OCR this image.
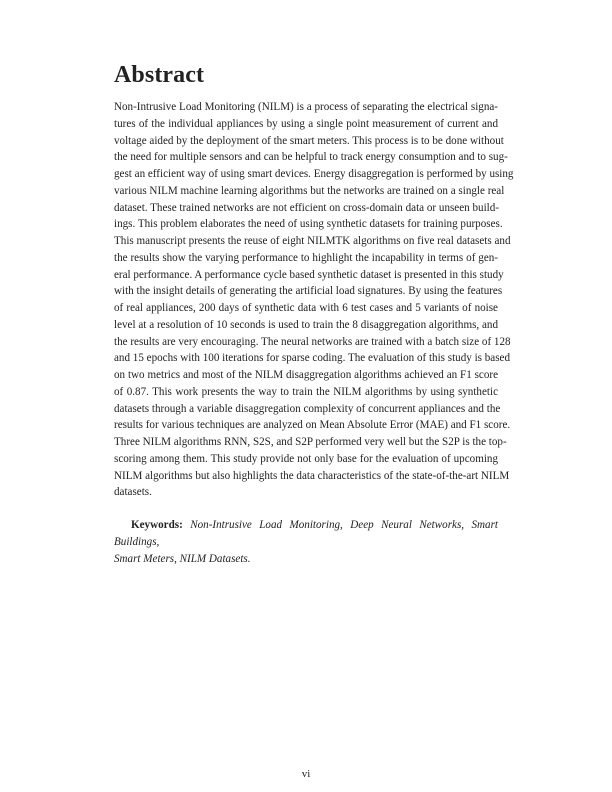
Abstract
Non-Intrusive Load Monitoring (NILM) is a process of separating the electrical signa-
tures of the individual appliances by using a single point measurement of current and
voltage aided by the deployment of the smart meters. This process is to be done without
the need for multiple sensors and can be helpful to track energy consumption and to sug-
gest an efficient way of using smart devices. Energy disaggregation is performed by using
various NILM machine learning algorithms but the networks are trained on a single real
dataset. These trained networks are not efficient on cross-domain data or unseen build-
ings. This problem elaborates the need of using synthetic datasets for training purposes.
This manuscript presents the reuse of eight NILMTK algorithms on five real datasets and
the results show the varying performance to highlight the incapability in terms of gen-
eral performance. A performance cycle based synthetic dataset is presented in this study
with the insight details of generating the artificial load signatures. By using the features
of real appliances, 200 days of synthetic data with 6 test cases and 5 variants of noise
level at a resolution of 10 seconds is used to train the 8 disaggregation algorithms, and
the results are very encouraging. The neural networks are trained with a batch size of 128
and 15 epochs with 100 iterations for sparse coding. The evaluation of this study is based
on two metrics and most of the NILM disaggregation algorithms achieved an F1 score
of 0.87. This work presents the way to train the NILM algorithms by using synthetic
datasets through a variable disaggregation complexity of concurrent appliances and the
results for various techniques are analyzed on Mean Absolute Error (MAE) and F1 score.
Three NILM algorithms RNN, S2S, and S2P performed very well but the S2P is the top-
scoring among them. This study provide not only base for the evaluation of upcoming
NILM algorithms but also highlights the data characteristics of the state-of-the-art NILM
datasets.
Keywords: Non-Intrusive Load Monitoring, Deep Neural Networks, Smart Buildings,
Smart Meters, NILM Datasets.
vi
